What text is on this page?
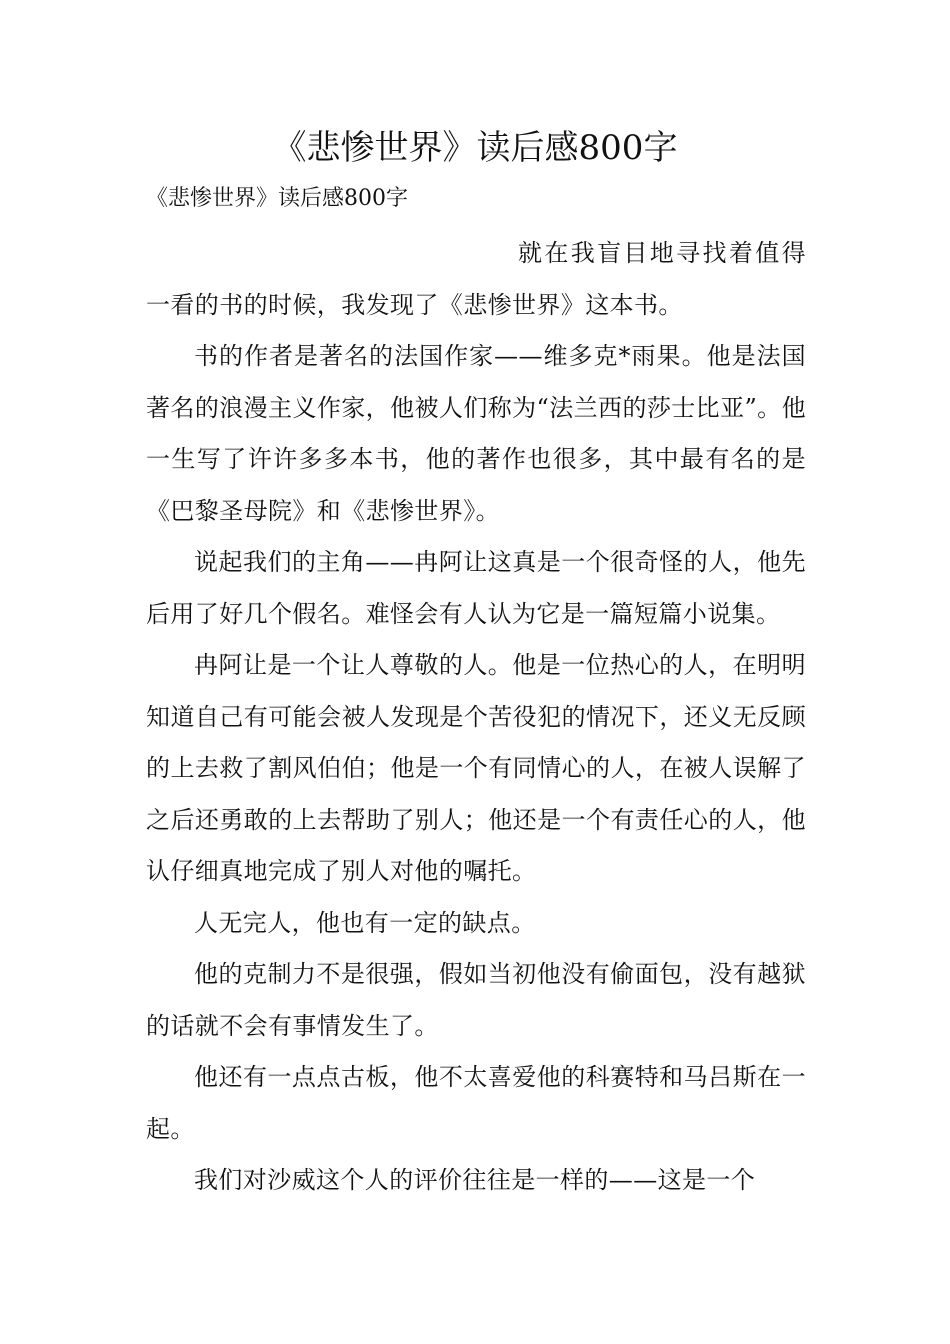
《悲惨世界》读后感800字
《悲惨世界》读后感800字

就在我盲目地寻找着值得一看的书的时候，我发现了《悲惨世界》这本书。

书的作者是著名的法国作家——维多克*雨果。他是法国著名的浪漫主义作家，他被人们称为“法兰西的莎士比亚”。他一生写了许许多多本书，他的著作也很多，其中最有名的是《巴黎圣母院》和《悲惨世界》。

说起我们的主角——冉阿让这真是一个很奇怪的人，他先后用了好几个假名。难怪会有人认为它是一篇短篇小说集。

冉阿让是一个让人尊敬的人。他是一位热心的人，在明明知道自己有可能会被人发现是个苦役犯的情况下，还义无反顾的上去救了割风伯伯；他是一个有同情心的人，在被人误解了之后还勇敢的上去帮助了别人；他还是一个有责任心的人，他认仔细真地完成了别人对他的嘱托。

人无完人，他也有一定的缺点。

他的克制力不是很强，假如当初他没有偷面包，没有越狱的话就不会有事情发生了。

他还有一点点古板，他不太喜爱他的科赛特和马吕斯在一起。

我们对沙威这个人的评价往往是一样的——这是一个
